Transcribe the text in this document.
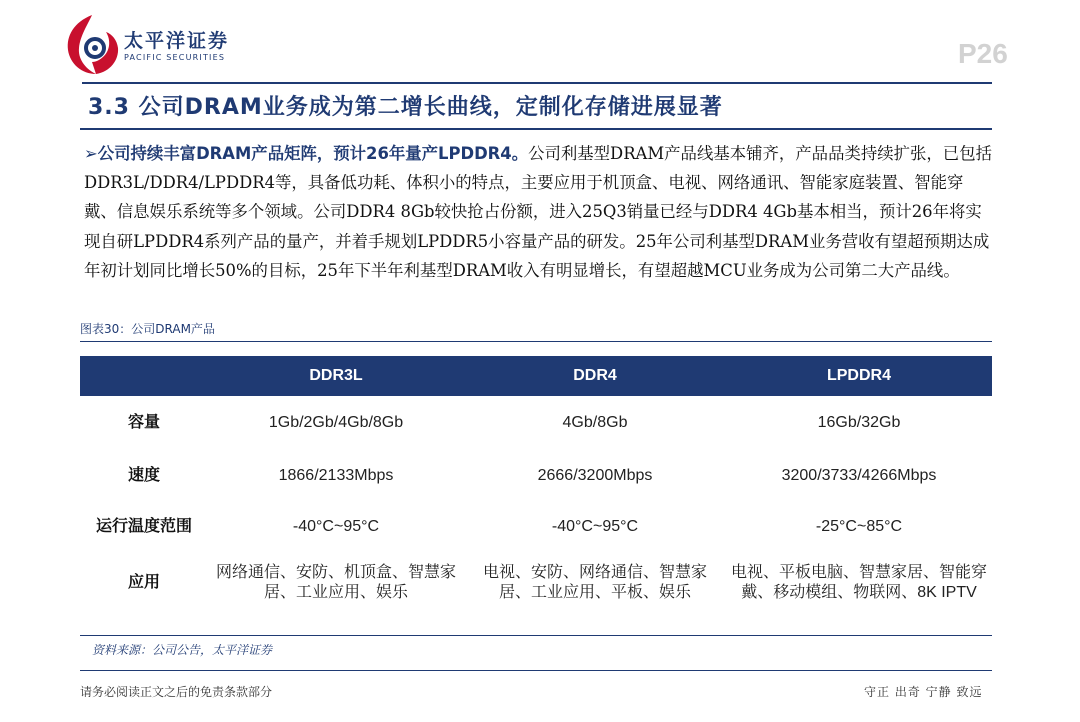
太平洋证券
PACIFIC SECURITIES	P26
3.3 公司DRAM业务成为第二增长曲线，定制化存储进展显著

➢公司持续丰富DRAM产品矩阵，预计26年量产LPDDR4。公司利基型DRAM产品线基本铺齐，产品品类持续扩张，已包括DDR3L/DDR4/LPDDR4等，具备低功耗、体积小的特点，主要应用于机顶盒、电视、网络通讯、智能家庭装置、智能穿戴、信息娱乐系统等多个领域。公司DDR4 8Gb较快抢占份额，进入25Q3销量已经与DDR4 4Gb基本相当，预计26年将实现自研LPDDR4系列产品的量产，并着手规划LPDDR5小容量产品的研发。25年公司利基型DRAM业务营收有望超预期达成年初计划同比增长50%的目标，25年下半年利基型DRAM收入有明显增长，有望超越MCU业务成为公司第二大产品线。

图表30：公司DRAM产品
	DDR3L	DDR4	LPDDR4
容量	1Gb/2Gb/4Gb/8Gb	4Gb/8Gb	16Gb/32Gb
速度	1866/2133Mbps	2666/3200Mbps	3200/3733/4266Mbps
运行温度范围	-40°C~95°C	-40°C~95°C	-25°C~85°C
应用	网络通信、安防、机顶盒、智慧家居、工业应用、娱乐	电视、安防、网络通信、智慧家居、工业应用、平板、娱乐	电视、平板电脑、智慧家居、智能穿戴、移动模组、物联网、8K IPTV
资料来源：公司公告，太平洋证券
请务必阅读正文之后的免责条款部分	守正 出奇 宁静 致远
